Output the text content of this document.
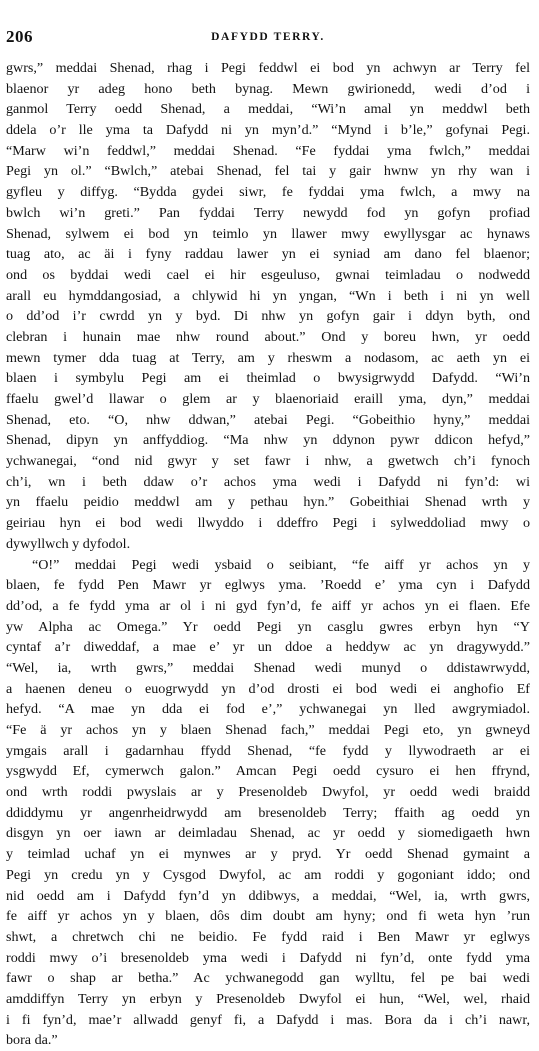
206	DAFYDD TERRY.
gwrs,” meddai Shenad, rhag i Pegi feddwl ei bod yn achwyn ar Terry fel
blaenor yr adeg hono beth bynag. Mewn gwirionedd, wedi d’od i
ganmol Terry oedd Shenad, a meddai, “Wi’n amal yn meddwl beth
ddela o’r lle yma ta Dafydd ni yn myn’d.” “Mynd i b’le,” gofynai Pegi.
“Marw wi’n feddwl,” meddai Shenad. “Fe fyddai yma fwlch,” meddai
Pegi yn ol.” “Bwlch,” atebai Shenad, fel tai y gair hwnw yn rhy wan i
gyfleu y diffyg. “Bydda gydei siwr, fe fyddai yma fwlch, a mwy na
bwlch wi’n greti.” Pan fyddai Terry newydd fod yn gofyn profiad
Shenad, sylwem ei bod yn teimlo yn llawer mwy ewyllysgar ac hynaws
tuag ato, ac äi i fyny raddau lawer yn ei syniad am dano fel blaenor;
ond os byddai wedi cael ei hir esgeuluso, gwnai teimladau o nodwedd
arall eu hymddangosiad, a chlywid hi yn yngan, “Wn i beth i ni yn well
o dd’od i’r cwrdd yn y byd. Di nhw yn gofyn gair i ddyn byth, ond
clebran i hunain mae nhw round about.” Ond y boreu hwn, yr oedd
mewn tymer dda tuag at Terry, am y rheswm a nodasom, ac aeth yn ei
blaen i symbylu Pegi am ei theimlad o bwysigrwydd Dafydd. “Wi’n
ffaelu gwel’d llawar o glem ar y blaenoriaid eraill yma, dyn,” meddai
Shenad, eto. “O, nhw ddwan,” atebai Pegi. “Gobeithio hyny,” meddai
Shenad, dipyn yn anffyddiog. “Ma nhw yn ddynon pywr ddicon hefyd,”
ychwanegai, “ond nid gwyr y set fawr i nhw, a gwetwch ch’i fynoch
ch’i, wn i beth ddaw o’r achos yma wedi i Dafydd ni fyn’d: wi
yn ffaelu peidio meddwl am y pethau hyn.” Gobeithiai Shenad wrth y
geiriau hyn ei bod wedi llwyddo i ddeffro Pegi i sylweddoliad mwy o
dywyllwch y dyfodol.
“O!” meddai Pegi wedi ysbaid o seibiant, “fe aiff yr achos yn y
blaen, fe fydd Pen Mawr yr eglwys yma. ’Roedd e’ yma cyn i Dafydd
dd’od, a fe fydd yma ar ol i ni gyd fyn’d, fe aiff yr achos yn ei flaen. Efe
yw Alpha ac Omega.” Yr oedd Pegi yn casglu gwres erbyn hyn “Y
cyntaf a’r diweddaf, a mae e’ yr un ddoe a heddyw ac yn dragywydd.”
“Wel, ia, wrth gwrs,” meddai Shenad wedi munyd o ddistawrwydd,
a haenen deneu o euogrwydd yn d’od drosti ei bod wedi ei anghofio Ef
hefyd. “A mae yn dda ei fod e’,” ychwanegai yn lled awgrymiadol.
“Fe ä yr achos yn y blaen Shenad fach,” meddai Pegi eto, yn gwneyd
ymgais arall i gadarnhau ffydd Shenad, “fe fydd y llywodraeth ar ei
ysgwydd Ef, cymerwch galon.” Amcan Pegi oedd cysuro ei hen ffrynd,
ond wrth roddi pwyslais ar y Presenoldeb Dwyfol, yr oedd wedi braidd
ddiddymu yr angenrheidrwydd am bresenoldeb Terry; ffaith ag oedd yn
disgyn yn oer iawn ar deimladau Shenad, ac yr oedd y siomedigaeth hwn
y teimlad uchaf yn ei mynwes ar y pryd. Yr oedd Shenad gymaint a
Pegi yn credu yn y Cysgod Dwyfol, ac am roddi y gogoniant iddo; ond
nid oedd am i Dafydd fyn’d yn ddibwys, a meddai, “Wel, ia, wrth gwrs,
fe aiff yr achos yn y blaen, dôs dim doubt am hyny; ond fi weta hyn ’run
shwt, a chretwch chi ne beidio. Fe fydd raid i Ben Mawr yr eglwys
roddi mwy o’i bresenoldeb yma wedi i Dafydd ni fyn’d, onte fydd yma
fawr o shap ar betha.” Ac ychwanegodd gan wylltu, fel pe bai wedi
amddiffyn Terry yn erbyn y Presenoldeb Dwyfol ei hun, “Wel, wel, rhaid
i fi fyn’d, mae’r allwadd genyf fi, a Dafydd i mas. Bora da i ch’i nawr,
bora da.”
